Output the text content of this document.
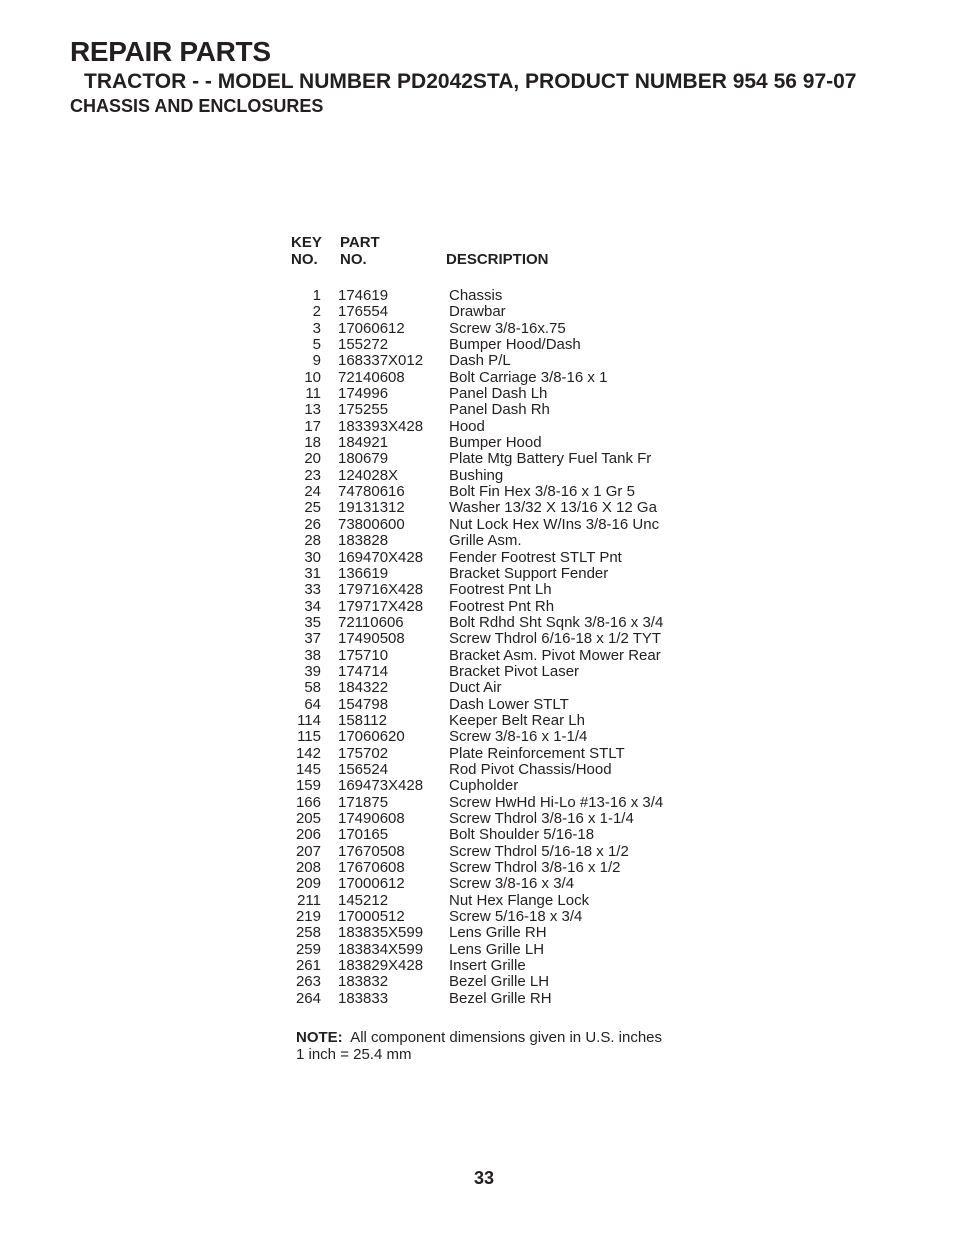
REPAIR PARTS
TRACTOR - - MODEL NUMBER PD2042STA, PRODUCT NUMBER 954 56 97-07
CHASSIS AND ENCLOSURES
KEY
NO.
PART
NO.	DESCRIPTION
1 174619	Chassis
2 176554	Drawbar
3 17060612	Screw 3/8-16x.75
5 155272	Bumper Hood/Dash
9 168337X012 Dash P/L
10 72140608	Bolt Carriage 3/8-16 x 1
11 174996	Panel Dash Lh
13 175255	Panel Dash Rh
17 183393X428 Hood
18 184921	Bumper Hood
20 180679	Plate Mtg Battery Fuel Tank Fr
23 124028X	Bushing
24 74780616	Bolt Fin Hex 3/8-16 x 1 Gr 5
25 19131312	Washer 13/32 X 13/16 X 12 Ga
26 73800600	Nut Lock Hex W/Ins 3/8-16 Unc
28 183828	Grille Asm.
30 169470X428 Fender Footrest STLT Pnt
31 136619	Bracket Support Fender
33 179716X428 Footrest Pnt Lh
34 179717X428 Footrest Pnt Rh
35 72110606	Bolt Rdhd Sht Sqnk 3/8-16 x 3/4
37 17490508	Screw Thdrol 6/16-18 x 1/2 TYT
38 175710	Bracket Asm. Pivot Mower Rear
39 174714	Bracket Pivot Laser
58 184322	Duct Air
64 154798	Dash Lower STLT
114 158112	Keeper Belt Rear Lh
115 17060620	Screw 3/8-16 x 1-1/4
142 175702	Plate Reinforcement STLT
145 156524	Rod Pivot Chassis/Hood
159 169473X428 Cupholder
166 171875	Screw HwHd Hi-Lo #13-16 x 3/4
205 17490608	Screw Thdrol 3/8-16 x 1-1/4
206 170165	Bolt Shoulder 5/16-18
207 17670508	Screw Thdrol 5/16-18 x 1/2
208 17670608	Screw Thdrol 3/8-16 x 1/2
209 17000612	Screw 3/8-16 x 3/4
211 145212	Nut Hex Flange Lock
219 17000512	Screw 5/16-18 x 3/4
258 183835X599 Lens Grille RH
259 183834X599 Lens Grille LH
261 183829X428 Insert Grille
263 183832	Bezel Grille LH
264 183833	Bezel Grille RH
NOTE: All component dimensions given in U.S. inches
1 inch = 25.4 mm
33
